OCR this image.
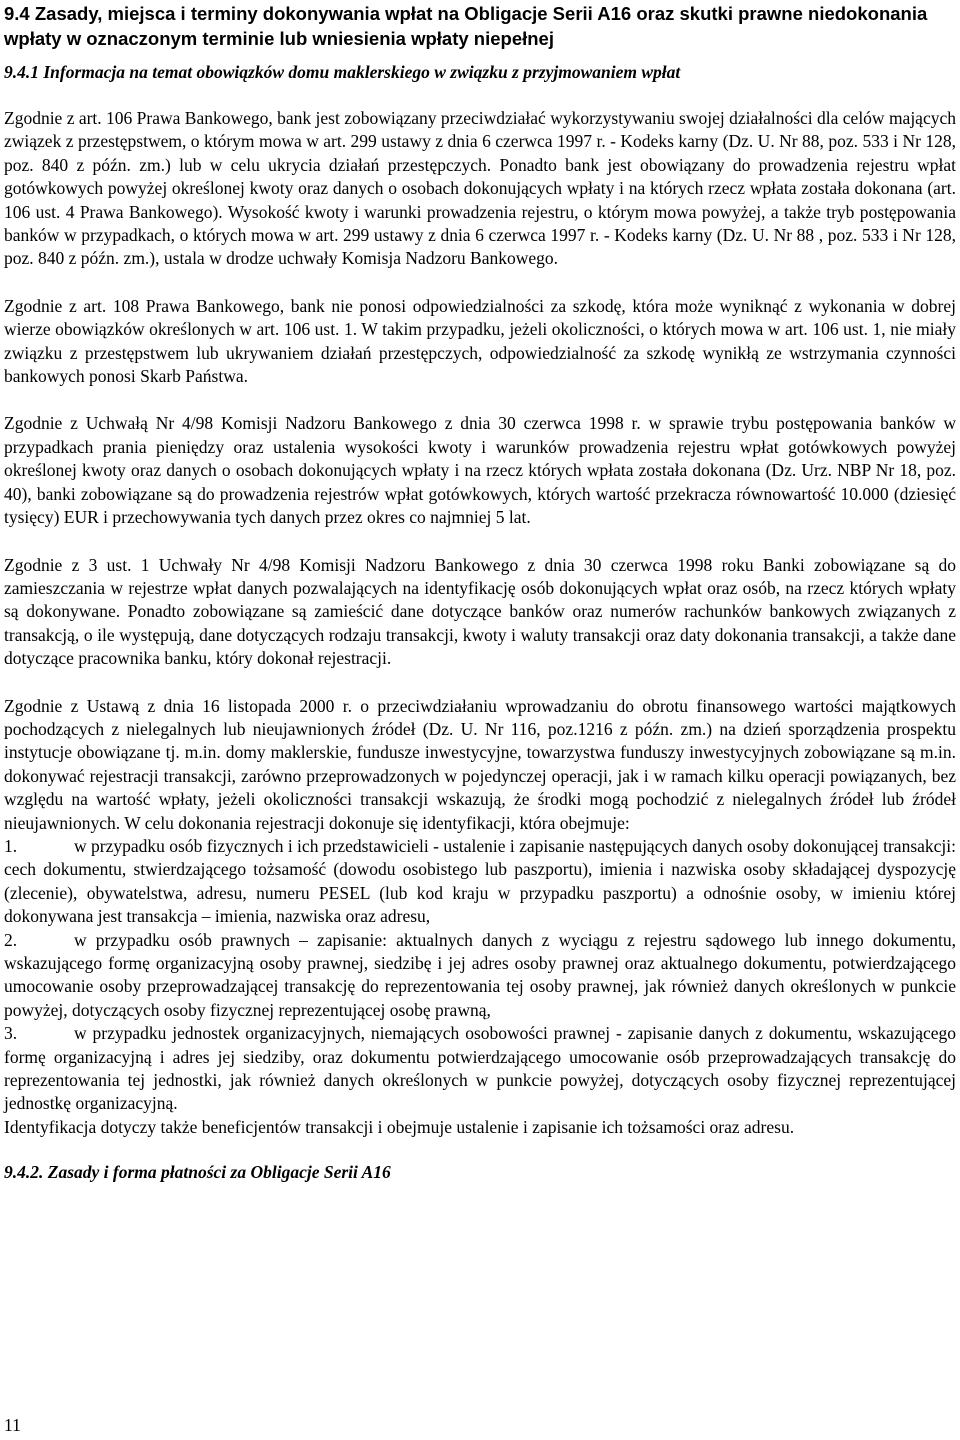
9.4 Zasady, miejsca i terminy dokonywania wpłat na Obligacje Serii A16 oraz skutki prawne niedokonania wpłaty w oznaczonym terminie lub wniesienia wpłaty niepełnej
9.4.1 Informacja na temat obowiązków domu maklerskiego w związku z przyjmowaniem wpłat

Zgodnie z art. 106 Prawa Bankowego, bank jest zobowiązany przeciwdziałać wykorzystywaniu swojej działalności dla celów mających związek z przestępstwem, o którym mowa w art. 299 ustawy z dnia 6 czerwca 1997 r. - Kodeks karny (Dz. U. Nr 88, poz. 533 i Nr 128, poz. 840 z późn. zm.) lub w celu ukrycia działań przestępczych. Ponadto bank jest obowiązany do prowadzenia rejestru wpłat gotówkowych powyżej określonej kwoty oraz danych o osobach dokonujących wpłaty i na których rzecz wpłata została dokonana (art. 106 ust. 4 Prawa Bankowego). Wysokość kwoty i warunki prowadzenia rejestru, o którym mowa powyżej, a także tryb postępowania banków w przypadkach, o których mowa w art. 299 ustawy z dnia 6 czerwca 1997 r. - Kodeks karny (Dz. U. Nr 88 , poz. 533 i Nr 128, poz. 840 z późn. zm.), ustala w drodze uchwały Komisja Nadzoru Bankowego.

Zgodnie z art. 108 Prawa Bankowego, bank nie ponosi odpowiedzialności za szkodę, która może wyniknąć z wykonania w dobrej wierze obowiązków określonych w art. 106 ust. 1. W takim przypadku, jeżeli okoliczności, o których mowa w art. 106 ust. 1, nie miały związku z przestępstwem lub ukrywaniem działań przestępczych, odpowiedzialność za szkodę wynikłą ze wstrzymania czynności bankowych ponosi Skarb Państwa.

Zgodnie z Uchwałą Nr 4/98 Komisji Nadzoru Bankowego z dnia 30 czerwca 1998 r. w sprawie trybu postępowania banków w przypadkach prania pieniędzy oraz ustalenia wysokości kwoty i warunków prowadzenia rejestru wpłat gotówkowych powyżej określonej kwoty oraz danych o osobach dokonujących wpłaty i na rzecz których wpłata została dokonana (Dz. Urz. NBP Nr 18, poz. 40), banki zobowiązane są do prowadzenia rejestrów wpłat gotówkowych, których wartość przekracza równowartość 10.000 (dziesięć tysięcy) EUR i przechowywania tych danych przez okres co najmniej 5 lat.

Zgodnie z 3 ust. 1 Uchwały Nr 4/98 Komisji Nadzoru Bankowego z dnia 30 czerwca 1998 roku Banki zobowiązane są do zamieszczania w rejestrze wpłat danych pozwalających na identyfikację osób dokonujących wpłat oraz osób, na rzecz których wpłaty są dokonywane. Ponadto zobowiązane są zamieścić dane dotyczące banków oraz numerów rachunków bankowych związanych z transakcją, o ile występują, dane dotyczących rodzaju transakcji, kwoty i waluty transakcji oraz daty dokonania transakcji, a także dane dotyczące pracownika banku, który dokonał rejestracji.

Zgodnie z Ustawą z dnia 16 listopada 2000 r. o przeciwdziałaniu wprowadzaniu do obrotu finansowego wartości majątkowych pochodzących z nielegalnych lub nieujawnionych źródeł (Dz. U. Nr 116, poz.1216 z późn. zm.) na dzień sporządzenia prospektu instytucje obowiązane tj. m.in. domy maklerskie, fundusze inwestycyjne, towarzystwa funduszy inwestycyjnych zobowiązane są m.in. dokonywać rejestracji transakcji, zarówno przeprowadzonych w pojedynczej operacji, jak i w ramach kilku operacji powiązanych, bez względu na wartość wpłaty, jeżeli okoliczności transakcji wskazują, że środki mogą pochodzić z nielegalnych źródeł lub źródeł nieujawnionych. W celu dokonania rejestracji dokonuje się identyfikacji, która obejmuje:

1.	w przypadku osób fizycznych i ich przedstawicieli - ustalenie i zapisanie następujących danych osoby dokonującej transakcji: cech dokumentu, stwierdzającego tożsamość (dowodu osobistego lub paszportu), imienia i nazwiska osoby składającej dyspozycję (zlecenie), obywatelstwa, adresu, numeru PESEL (lub kod kraju w przypadku paszportu) a odnośnie osoby, w imieniu której dokonywana jest transakcja – imienia, nazwiska oraz adresu,
2.	w przypadku osób prawnych – zapisanie: aktualnych danych z wyciągu z rejestru sądowego lub innego dokumentu, wskazującego formę organizacyjną osoby prawnej, siedzibę i jej adres osoby prawnej oraz aktualnego dokumentu, potwierdzającego umocowanie osoby przeprowadzającej transakcję do reprezentowania tej osoby prawnej, jak również danych określonych w punkcie powyżej, dotyczących osoby fizycznej reprezentującej osobę prawną,
3.	w przypadku jednostek organizacyjnych, niemających osobowości prawnej - zapisanie danych z dokumentu, wskazującego formę organizacyjną i adres jej siedziby, oraz dokumentu potwierdzającego umocowanie osób przeprowadzających transakcję do reprezentowania tej jednostki, jak również danych określonych w punkcie powyżej, dotyczących osoby fizycznej reprezentującej jednostkę organizacyjną.

Identyfikacja dotyczy także beneficjentów transakcji i obejmuje ustalenie i zapisanie ich tożsamości oraz adresu.

9.4.2. Zasady i forma płatności za Obligacje Serii A16

11
